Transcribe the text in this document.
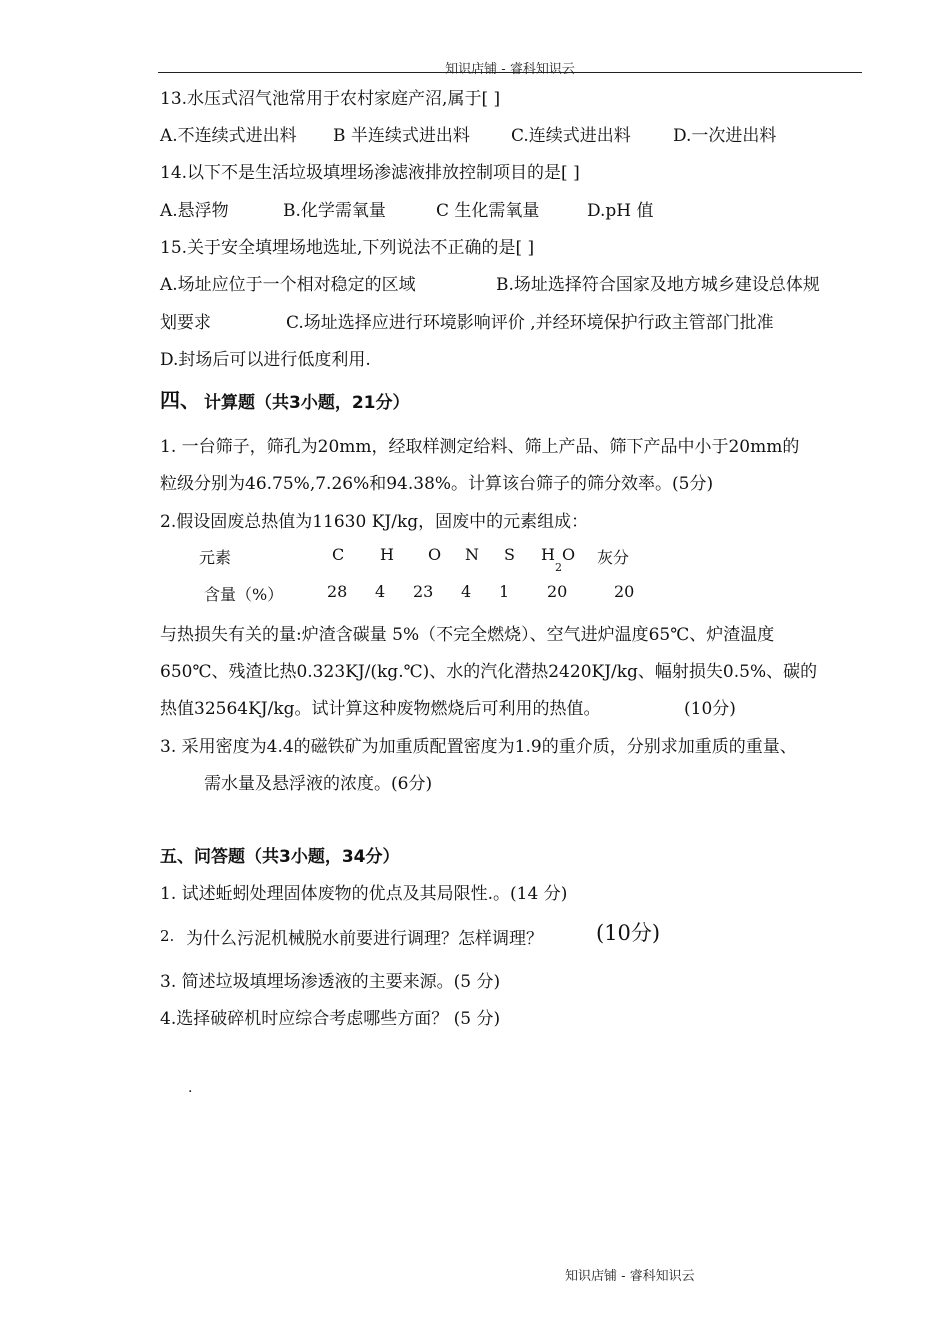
知识店铺 - 睿科知识云
13.水压式沼气池常用于农村家庭产沼,属于[ ]
A.不连续式进出料 B 半连续式进出料 C.连续式进出料 D.一次进出料
14.以下不是生活垃圾填埋场渗滤液排放控制项目的是[ ]
A.悬浮物	B.化学需氧量	C 生化需氧量	D.pH 值
15.关于安全填埋场地选址,下列说法不正确的是[ ]
A.场址应位于一个相对稳定的区域	B.场址选择符合国家及地方城乡建设总体规
划要求	C.场址选择应进行环境影响评价 ,并经环境保护行政主管部门批准
D.封场后可以进行低度利用.
四、 计算题（共3小题，21分）
1. 一台筛子，筛孔为20mm，经取样测定给料、筛上产品、筛下产品中小于20mm的
粒级分别为46.75%,7.26%和94.38%。计算该台筛子的筛分效率。(5分)
2.假设固废总热值为11630 KJ/kg，固废中的元素组成：
元素	C H O N S $H_2O$ 灰分
含量（%）	28 4 23 4 1 20	20
与热损失有关的量:炉渣含碳量 5%（不完全燃烧）、空气进炉温度65℃、炉渣温度
650℃、残渣比热0.323KJ/(kg.℃)、水的汽化潜热2420KJ/kg、幅射损失0.5%、碳的
热值32564KJ/kg。试计算这种废物燃烧后可利用的热值。	(10分)
3. 采用密度为4.4的磁铁矿为加重质配置密度为1.9的重介质，分别求加重质的重量、
需水量及悬浮液的浓度。(6分)
五、问答题（共3小题，34分）
1. 试述蚯蚓处理固体废物的优点及其局限性.。(14 分)
2. 为什么污泥机械脱水前要进行调理？怎样调理？	(10分)
3. 简述垃圾填埋场渗透液的主要来源。(5 分)
4.选择破碎机时应综合考虑哪些方面？ (5 分)
.
知识店铺 - 睿科知识云
